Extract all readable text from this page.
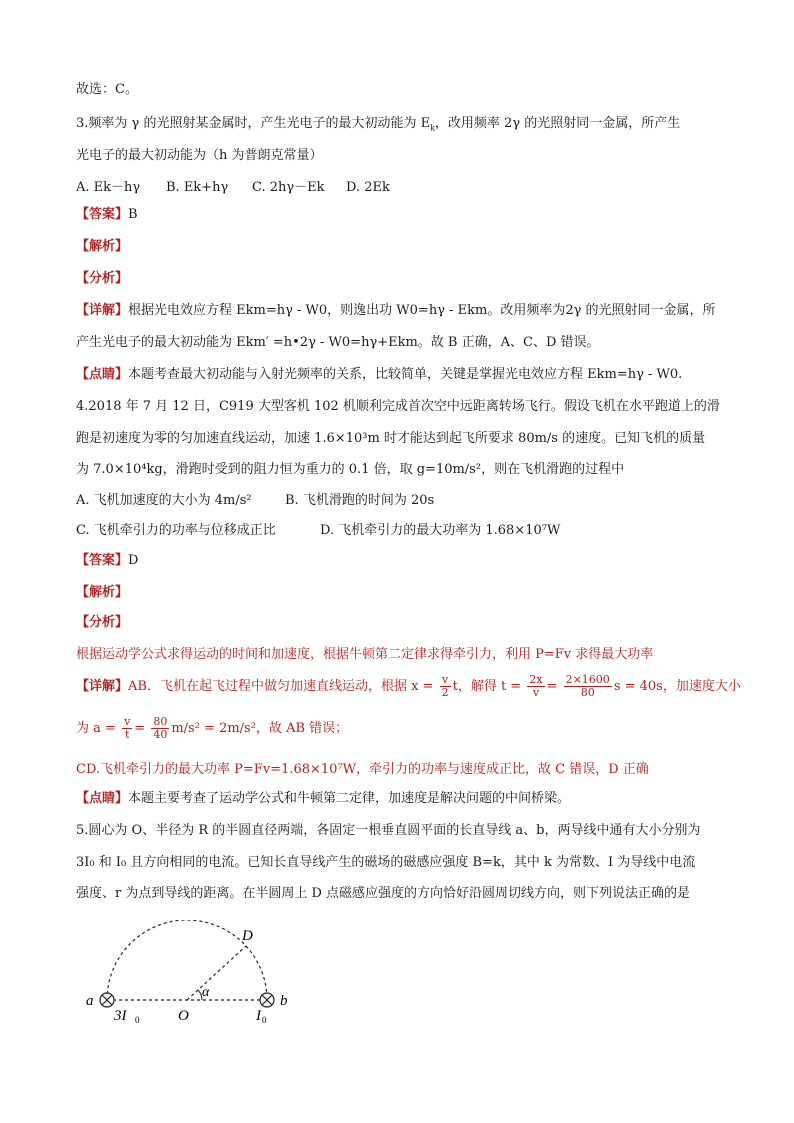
故选：C。
3.频率为 γ 的光照射某金属时，产生光电子的最大初动能为 $E_k$，改用频率 2γ 的光照射同一金属，所产生
光电子的最大初动能为（h 为普朗克常量）
A. Ek－hγ B. Ek+hγ C. 2hγ－Ek D. 2Ek
【答案】B
【解析】
【分析】
【详解】根据光电效应方程 Ekm=hγ - W0，则逸出功 W0=hγ - Ekm。改用频率为2γ 的光照射同一金属，所
产生光电子的最大初动能为 Ekm′ =h•2γ - W0=hγ+Ekm。故 B 正确，A、C、D 错误。
【点睛】本题考查最大初动能与入射光频率的关系，比较简单，关键是掌握光电效应方程 Ekm=hγ - W0.
4.2018 年 7 月 12 日，C919 大型客机 102 机顺利完成首次空中远距离转场飞行。假设飞机在水平跑道上的滑
跑是初速度为零的匀加速直线运动，加速 1.6×10³m 时才能达到起飞所要求 80m/s 的速度。已知飞机的质量
为 7.0×10⁴kg，滑跑时受到的阻力恒为重力的 0.1 倍，取 g=10m/s²，则在飞机滑跑的过程中
A. 飞机加速度的大小为 4m/s²	B. 飞机滑跑的时间为 20s
C. 飞机牵引力的功率与位移成正比	D. 飞机牵引力的最大功率为 1.68×10⁷W
【答案】D
【解析】
【分析】
根据运动学公式求得运动的时间和加速度，根据牛顿第二定律求得牵引力，利用 P=Fv 求得最大功率
【详解】AB．飞机在起飞过程中做匀加速直线运动，根据 $x = \frac{v}{2}$ t，解得 $t = \frac{2x}{v} = \frac{2\times 1600}{80}$ s = 40s，加速度大小
为 $a = \frac{v}{t} = \frac{80}{40} m/s^2 = 2m/s^2$，故 AB 错误；
CD.飞机牵引力的最大功率 P=Fv=1.68×10⁷W，牵引力的功率与速度成正比，故 C 错误，D 正确
【点睛】本题主要考查了运动学公式和牛顿第二定律，加速度是解决问题的中间桥梁。
5.圆心为 O、半径为 R 的半圆直径两端，各固定一根垂直圆平面的长直导线 a、b，两导线中通有大小分别为
3I₀ 和 I₀ 且方向相同的电流。已知长直导线产生的磁场的磁感应强度 B=k，其中 k 为常数、I 为导线中电流
强度、r 为点到导线的距离。在半圆周上 D 点磁感应强度的方向恰好沿圆周切线方向，则下列说法正确的是
a	b
D
O
α
3I 0	I 0
